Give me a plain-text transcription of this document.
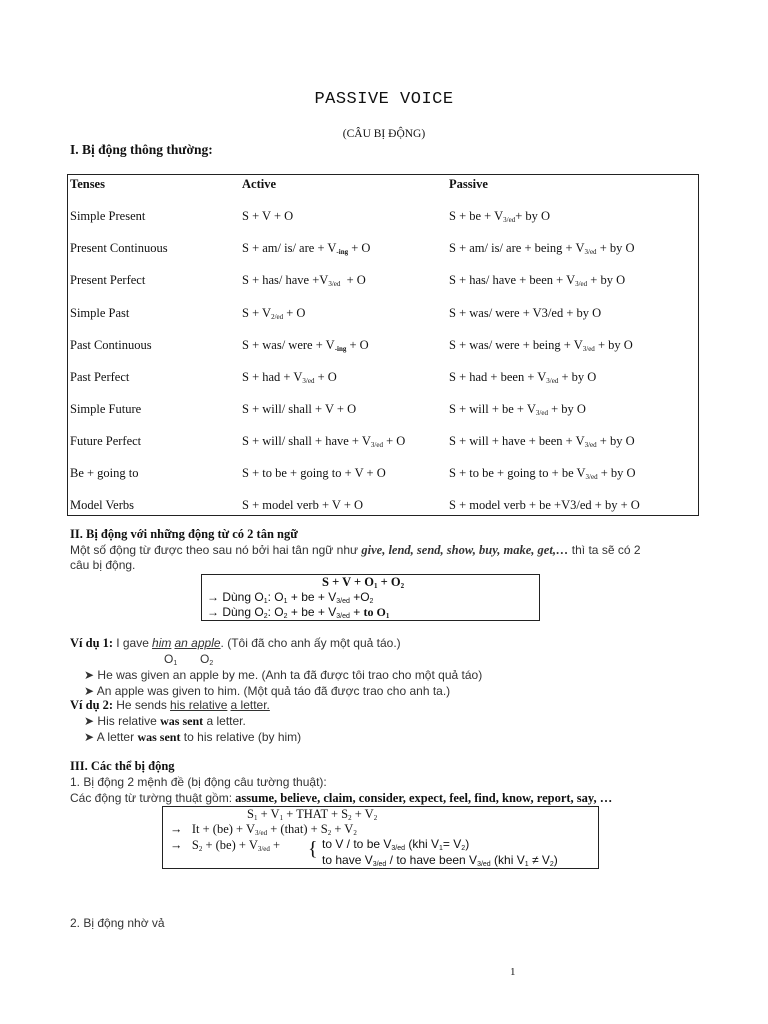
PASSIVE VOICE
(CÂU BỊ ĐỘNG)
I. Bị động thông thường:
Tenses	Active	Passive
Simple Present	S + V + O	S + be + $V_{3/ed}+$ by O
Present Continuous	S + am/ is/ are + $V_{-ing} + O$	S + am/ is/ are + being + $V_{3/ed}$ + by O
Present Perfect	S + has/ have $+V_{3/ed} + O$	S + has/ have + been + $V_{3/ed}$ + by O
Simple Past	$S + V_{2/ed} + O$	S + was/ were + V3/ed + by O
Past Continuous	S + was/ were + $V_{-ing} + O$	S + was/ were + being + $V_{3/ed}$ + by O
Past Perfect	S + had + $V_{3/ed} + O$	S + had + been + $V_{3/ed}$ + by O
Simple Future	S + will/ shall + V + O	S + will + be + $V_{3/ed}$ + by O
Future Perfect	S + will/ shall + have + $V_{3/ed} + O$	S + will + have + been + $V_{3/ed}$ + by O
Be + going to	S + to be + going to + V + O	S + to be + going to + be $V_{3/ed}$ + by O
Model Verbs	S + model verb + V + O	S + model verb + be +V3/ed + by + O
II. Bị động với những động từ có 2 tân ngữ
Một số động từ được theo sau nó bởi hai tân ngữ như give, lend, send, show, buy, make, get,… thì ta sẽ có 2
câu bị động.
$S + V + O_1 + O_2$
→ Dùng $O_1$: $O_1$ + be + $V_{3/ed} +O_2$
→ Dùng $O_2$: $O_2$ + be + $V_{3/ed}$ + to $O_1$
Ví dụ 1: I gave him an apple. (Tôi đã cho anh ấy một quả táo.)
$O_1$ $O_2$
➤ He was given an apple by me. (Anh ta đã được tôi trao cho một quả táo)
➤ An apple was given to him. (Một quả táo đã được trao cho anh ta.)
Ví dụ 2: He sends his relative a letter.
➤ His relative was sent a letter.
➤ A letter was sent to his relative (by him)
III. Các thể bị động
1. Bị động 2 mệnh đề (bị động câu tường thuật):
Các động từ tường thuật gồm: assume, believe, claim, consider, expect, feel, find, know, report, say, …
$S_1 + V_1$ + THAT + $S_2 + V_2$
→   $It + (be) + V_{3/ed}$ + (that) + $S_2 + V_2$
→   $S_2 + (be) + V_{3/ed}$ + { to V / to be $V_{3/ed}$ (khi $V_1= V_2$)
to have $V_{3/ed}$ / to have been $V_{3/ed}$ (khi $V_1 \ne V_2$)
2. Bị động nhờ vả
1
